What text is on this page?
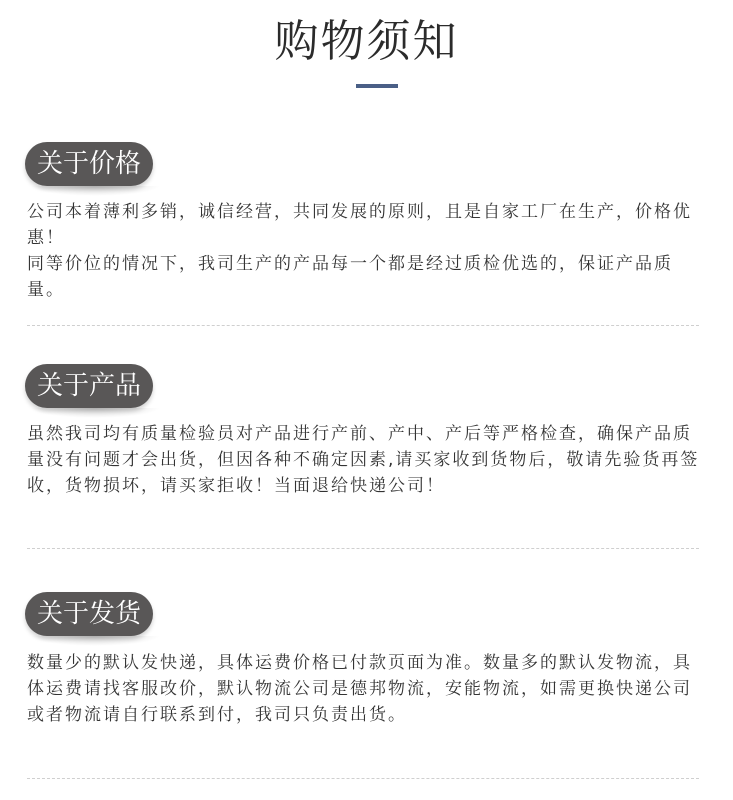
购物须知
关于价格

公司本着薄利多销，诚信经营，共同发展的原则，且是自家工厂在生产，价格优惠！

同等价位的情况下，我司生产的产品每一个都是经过质检优选的，保证产品质量。

关于产品

虽然我司均有质量检验员对产品进行产前、产中、产后等严格检查，确保产品质量没有问题才会出货，但因各种不确定因素,请买家收到货物后，敬请先验货再签收，货物损坏，请买家拒收！当面退给快递公司！

关于发货

数量少的默认发快递，具体运费价格已付款页面为准。数量多的默认发物流，具体运费请找客服改价，默认物流公司是德邦物流，安能物流，如需更换快递公司或者物流请自行联系到付，我司只负责出货。
